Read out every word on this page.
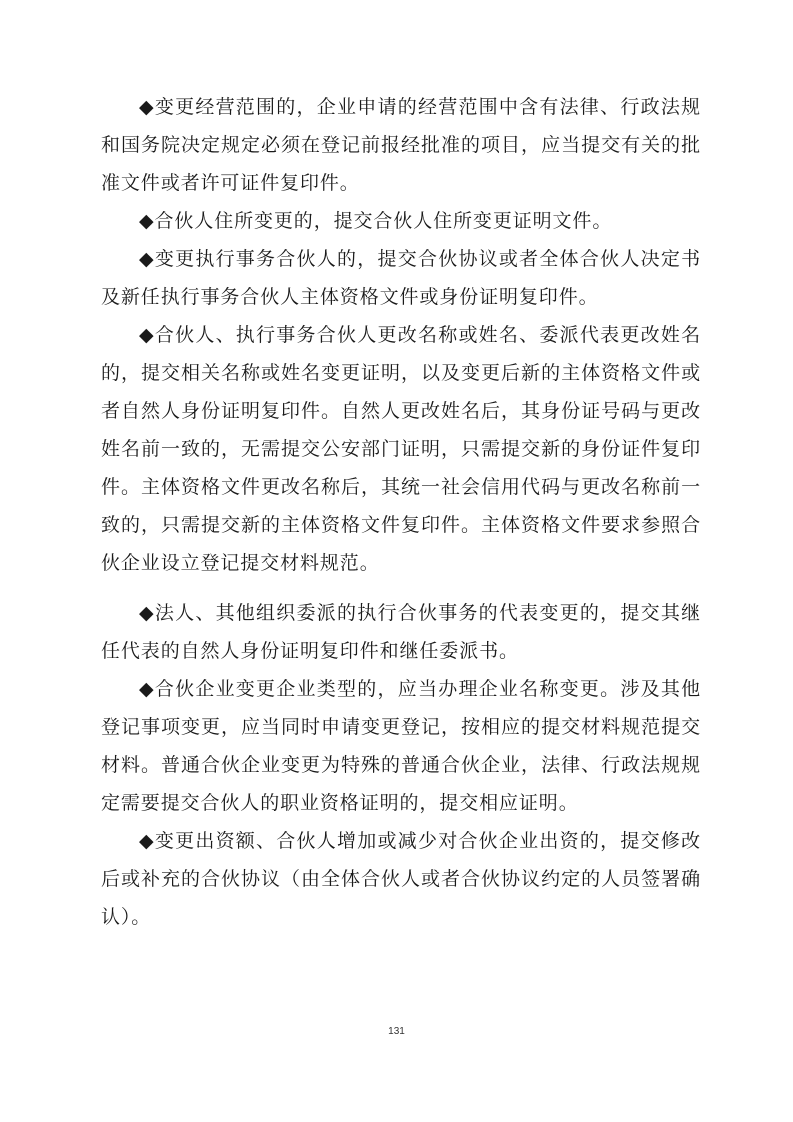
◆变更经营范围的，企业申请的经营范围中含有法律、行政法规和国务院决定规定必须在登记前报经批准的项目，应当提交有关的批准文件或者许可证件复印件。

◆合伙人住所变更的，提交合伙人住所变更证明文件。

◆变更执行事务合伙人的，提交合伙协议或者全体合伙人决定书及新任执行事务合伙人主体资格文件或身份证明复印件。

◆合伙人、执行事务合伙人更改名称或姓名、委派代表更改姓名的，提交相关名称或姓名变更证明，以及变更后新的主体资格文件或者自然人身份证明复印件。自然人更改姓名后，其身份证号码与更改姓名前一致的，无需提交公安部门证明，只需提交新的身份证件复印件。主体资格文件更改名称后，其统一社会信用代码与更改名称前一致的，只需提交新的主体资格文件复印件。主体资格文件要求参照合伙企业设立登记提交材料规范。

◆法人、其他组织委派的执行合伙事务的代表变更的，提交其继任代表的自然人身份证明复印件和继任委派书。

◆合伙企业变更企业类型的，应当办理企业名称变更。涉及其他登记事项变更，应当同时申请变更登记，按相应的提交材料规范提交材料。普通合伙企业变更为特殊的普通合伙企业，法律、行政法规规定需要提交合伙人的职业资格证明的，提交相应证明。

◆变更出资额、合伙人增加或减少对合伙企业出资的，提交修改后或补充的合伙协议（由全体合伙人或者合伙协议约定的人员签署确认）。

131
